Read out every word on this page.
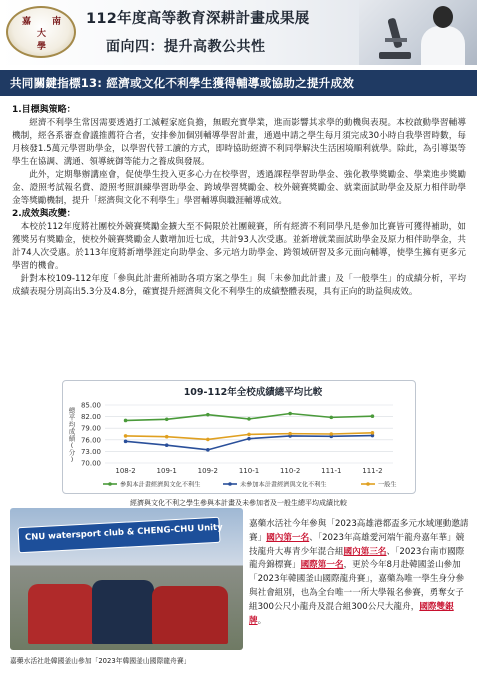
嘉 南
大
學
112年度高等教育深耕計畫成果展
面向四：提升高教公共性
共同關鍵指標13: 經濟或文化不利學生獲得輔導或協助之提升成效

1.目標與策略：

經濟不利學生常因需要透過打工減輕家庭負擔，無暇充實學業，進而影響其求學的動機與表現。本校啟動學習輔導機制，經各系審查會議推薦符合者，安排參加個別輔導學習計畫，通過申請之學生每月須完成30小時自我學習時數，每月核發1.5萬元學習助學金，以學習代替工讀的方式，即時協助經濟不利同學解決生活困境順利就學。除此，為引導渠等學生在協調、溝通、領導統御等能力之養成與發展。

此外，定期舉辦講座會，促使學生投入更多心力在校學習，透過課程學習助學金、強化教學獎勵金、學業進步獎勵金、證照考試報名費、證照考照訓練學習助學金、跨域學習獎勵金、校外競賽獎勵金、就業面試助學金及原力相伴助學金等獎勵機制，提升「經濟與文化不利學生」學習輔導與職涯輔導成效。

2.成效與改變：

本校於112年度將社團校外競賽獎勵金擴大至不侷限於社團競賽，所有經濟不利同學凡是參加比賽皆可獲得補助，如獲獎另有獎勵金，使校外競賽獎勵金人數增加近七成，共計93人次受惠。並新增就業面試助學金及原力相伴助學金，共計74人次受惠。於113年度將新增學涯定向助學金、多元培力助學金、跨領域研習及多元面向輔導，使學生擁有更多元學習的機會。

針對本校109-112年度「參與此計畫所補助各項方案之學生」與「未參加此計畫」及「一般學生」的成績分析，平均成績表現分別高出5.3分及4.8分，確實提升經濟與文化不利學生的成績整體表現，具有正向的助益與成效。

109-112年全校成績總平均比較
總平均成績(分)
85.00
82.00
79.00
76.00
73.00
70.00
108-2	109-1	109-2	110-1	110-2	111-1	111-2
參與本計畫經濟與文化不利生	未參加本計畫經濟與文化不利生	一般生
經濟與文化不利之學生參與本計畫及未參加者及一般生總平均成績比較
CNU watersport club & CHENG-CHU Unity
嘉藥水活社赴韓國釜山參加「2023年韓國釜山國際龍舟賽」
嘉藥水活社今年參與「2023高雄港都盃多元水域運動邀請賽」國內第一名、「2023年高雄愛河端午龍舟嘉年華」競技龍舟大專青少年混合組國內第三名、「2023台南市國際龍舟錦標賽」國際第一名，更於今年8月赴韓國釜山參加「2023年韓國釜山國際龍舟賽」，嘉藥為唯一學生身分參與社會組別，也為全台唯一一所大學報名參賽，勇奪女子組300公尺小龍舟及混合組300公尺大龍舟，國際雙銀牌。
